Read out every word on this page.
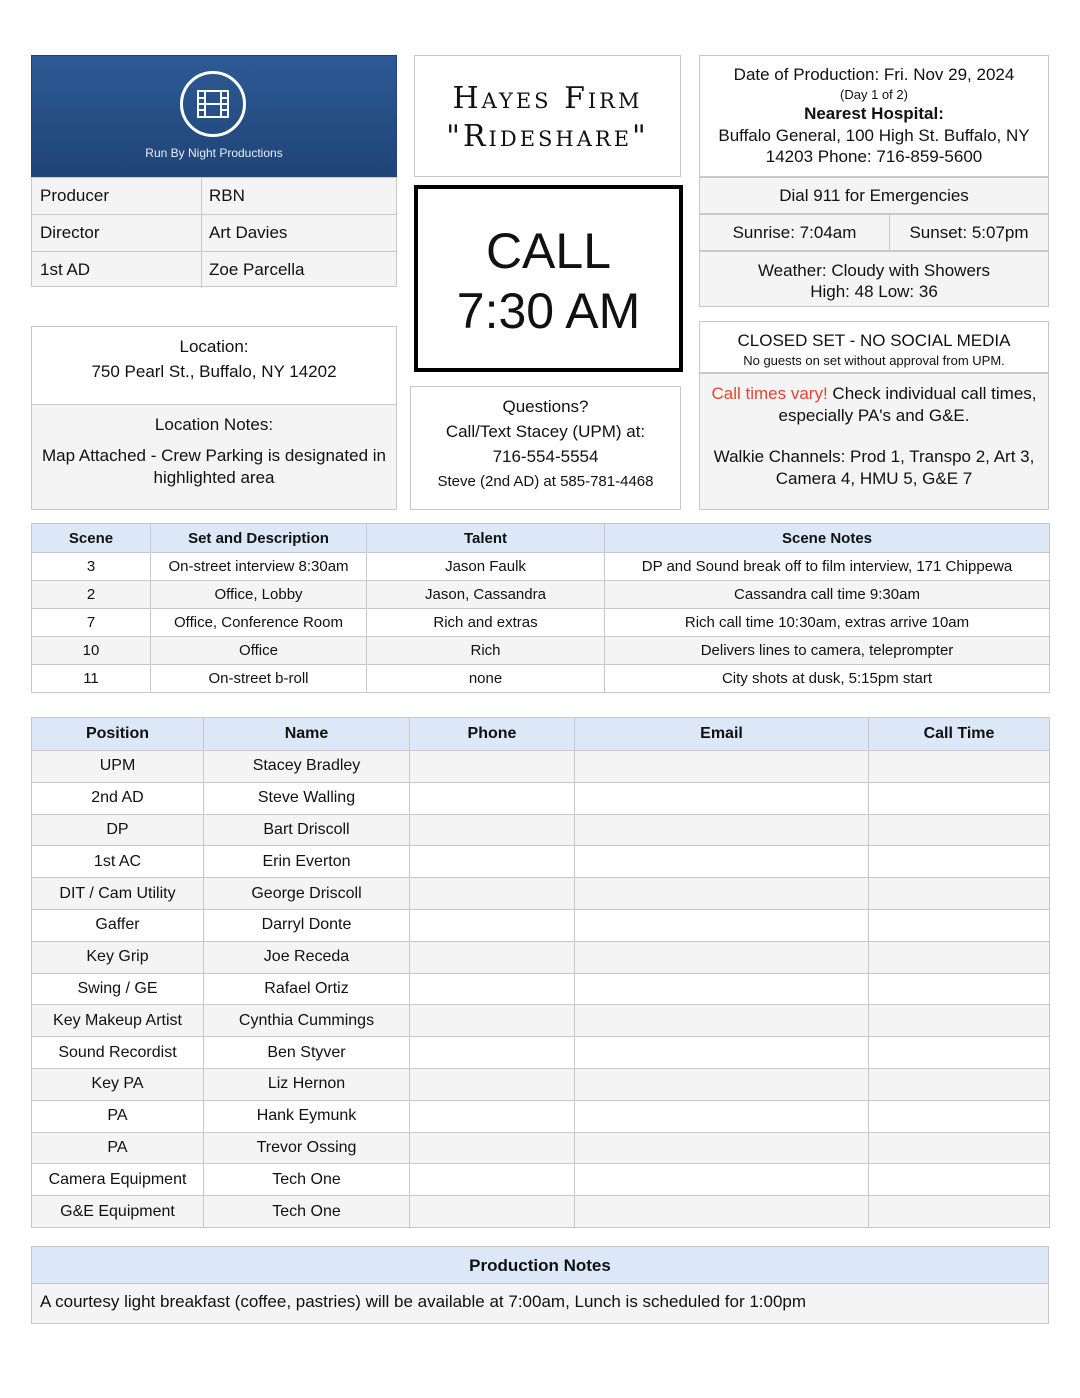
Run By Night Productions
Producer	RBN
Director	Art Davies
1st AD	Zoe Parcella
Hayes Firm
"Rideshare"
CALL
7:30 AM
Date of Production: Fri. Nov 29, 2024
(Day 1 of 2)
Nearest Hospital:
Buffalo General, 100 High St. Buffalo, NY 14203 Phone: 716-859-5600
Dial 911 for Emergencies
Sunrise: 7:04am	Sunset: 5:07pm
Weather: Cloudy with Showers
High: 48 Low: 36
CLOSED SET - NO SOCIAL MEDIA
No guests on set without approval from UPM.
Call times vary! Check individual call times, especially PA's and G&E.
Walkie Channels: Prod 1, Transpo 2, Art 3, Camera 4, HMU 5, G&E 7
Location:
750 Pearl St., Buffalo, NY 14202
Location Notes:
Map Attached - Crew Parking is designated in highlighted area
Questions?
Call/Text Stacey (UPM) at:
716-554-5554
Steve (2nd AD) at 585-781-4468
Scene	Set and Description	Talent	Scene Notes
3	On-street interview 8:30am	Jason Faulk	DP and Sound break off to film interview, 171 Chippewa
2	Office, Lobby	Jason, Cassandra	Cassandra call time 9:30am
7	Office, Conference Room	Rich and extras	Rich call time 10:30am, extras arrive 10am
10	Office	Rich	Delivers lines to camera, teleprompter
11	On-street b-roll	none	City shots at dusk, 5:15pm start
Position	Name	Phone	Email	Call Time
UPM	Stacey Bradley			
2nd AD	Steve Walling			
DP	Bart Driscoll			
1st AC	Erin Everton			
DIT / Cam Utility	George Driscoll			
Gaffer	Darryl Donte			
Key Grip	Joe Receda			
Swing / GE	Rafael Ortiz			
Key Makeup Artist	Cynthia Cummings			
Sound Recordist	Ben Styver			
Key PA	Liz Hernon			
PA	Hank Eymunk			
PA	Trevor Ossing			
Camera Equipment	Tech One			
G&E Equipment	Tech One			
Production Notes
A courtesy light breakfast (coffee, pastries) will be available at 7:00am, Lunch is scheduled for 1:00pm
